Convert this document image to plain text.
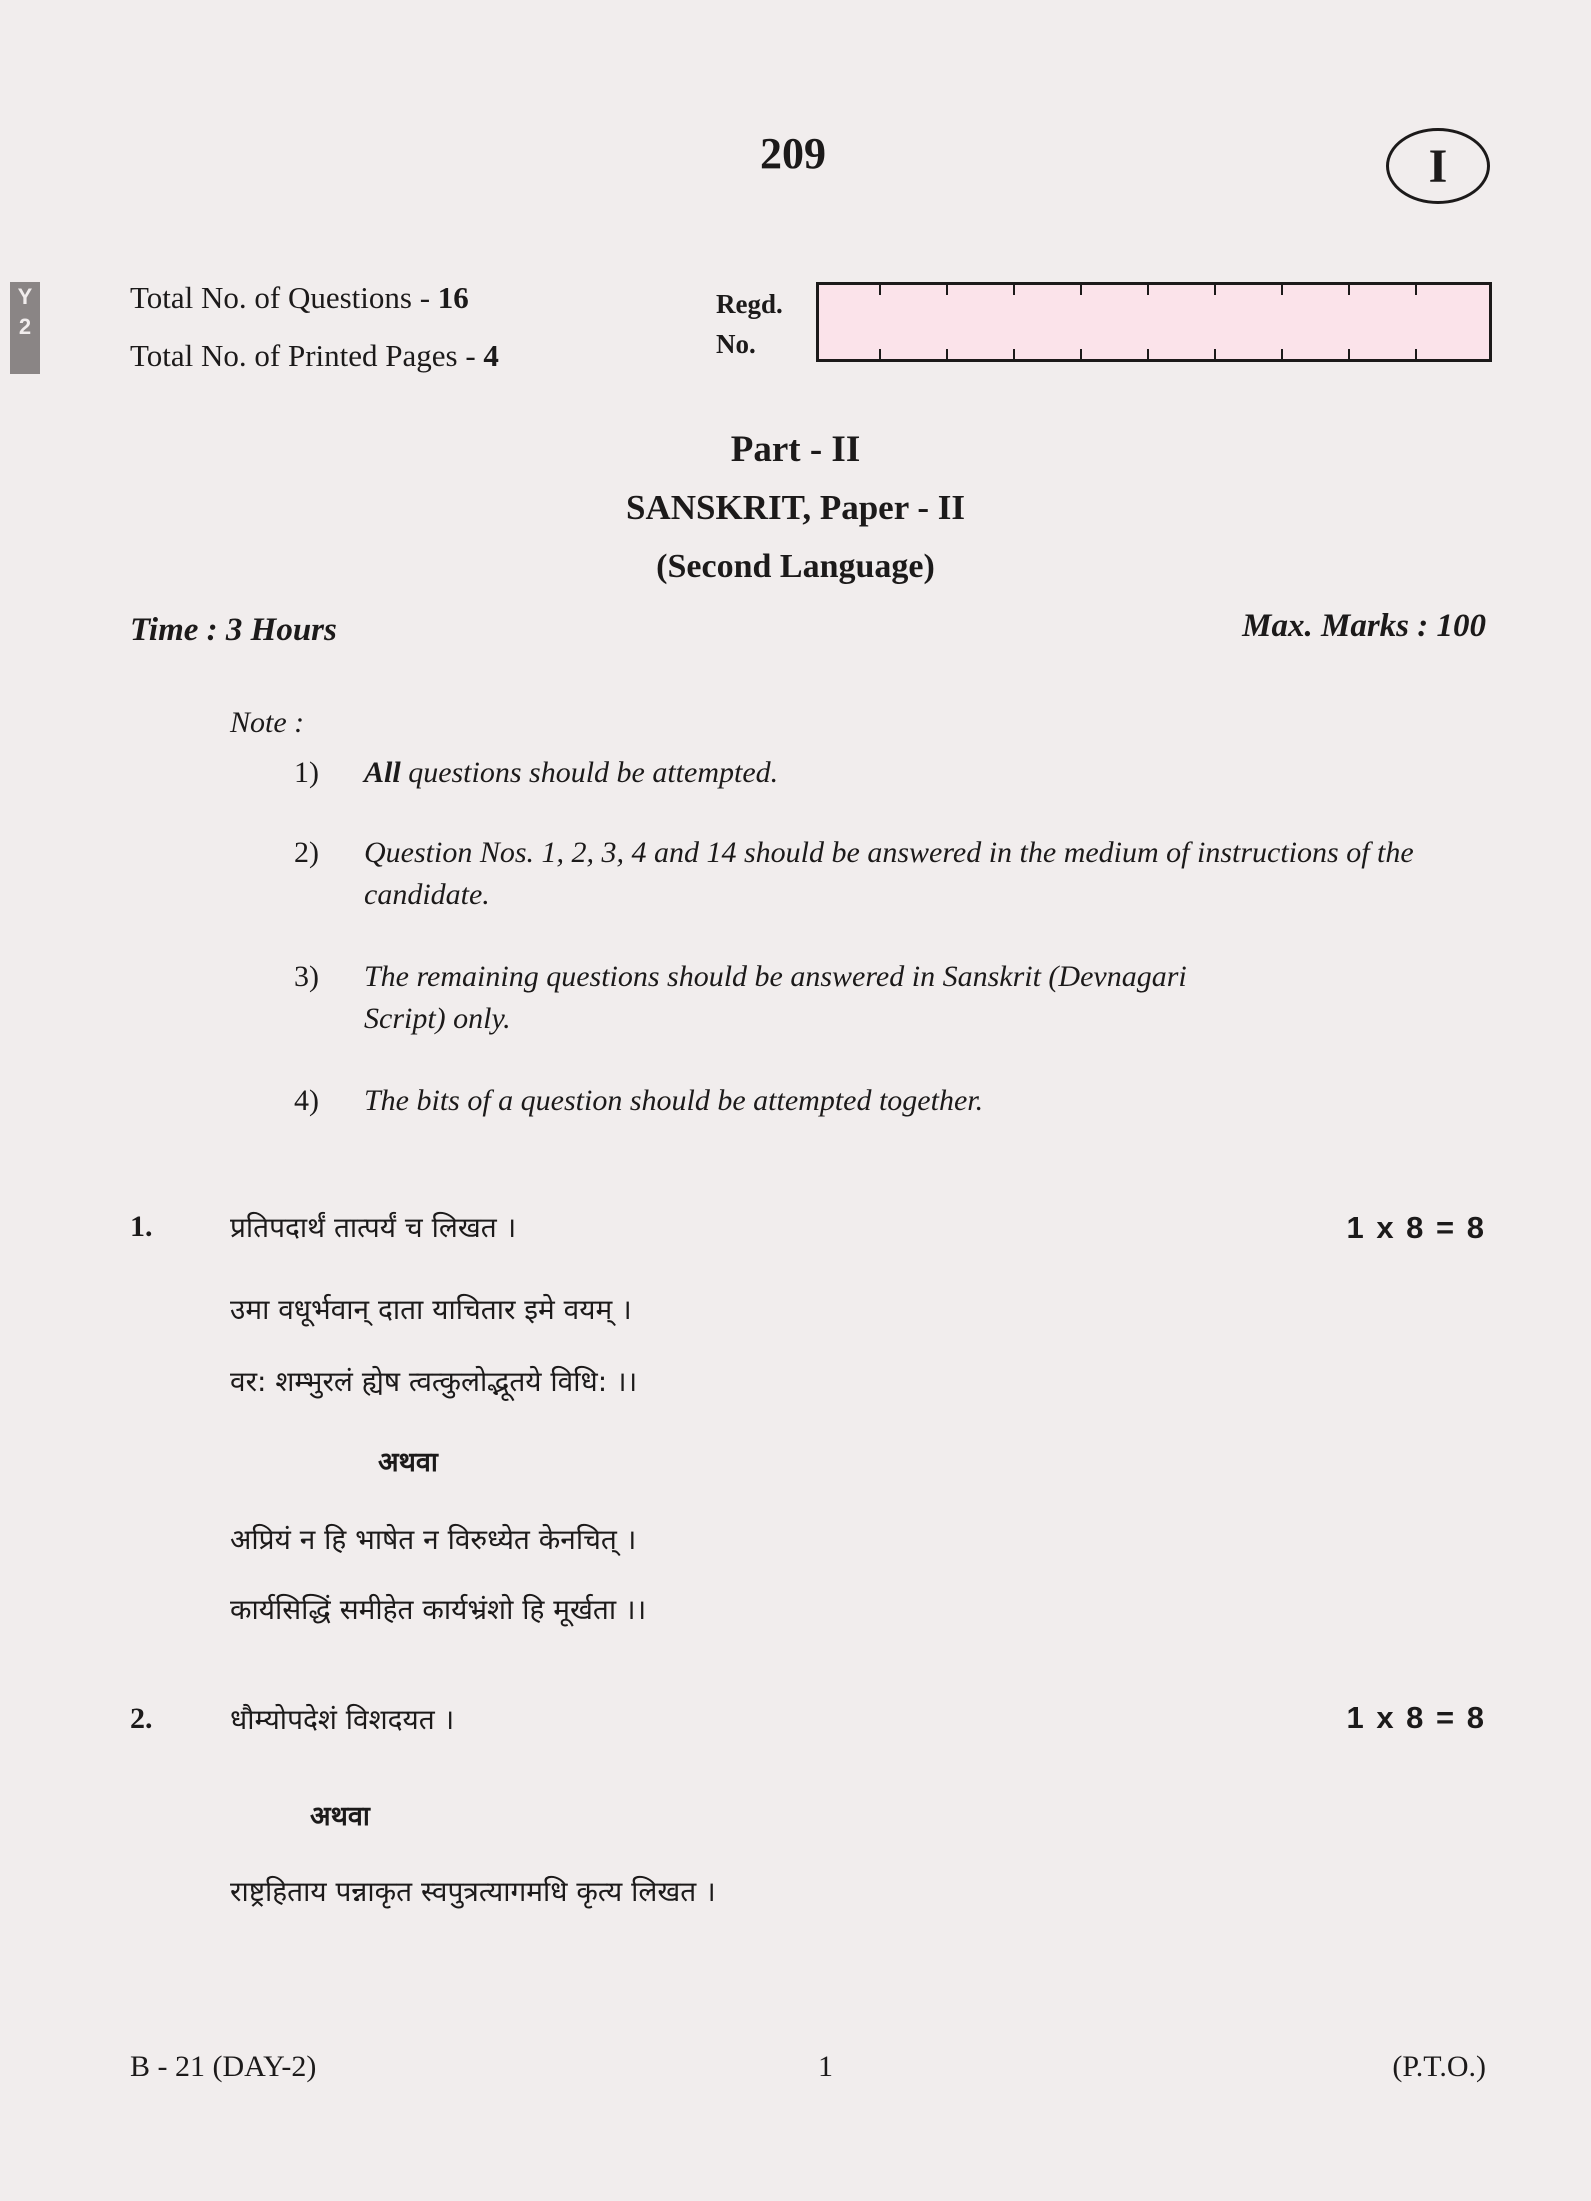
209	I
Y 2
Total No. of Questions - 16
Total No. of Printed Pages - 4
Regd.
No.
Part - II
SANSKRIT, Paper - II
(Second Language)
Time : 3 Hours	Max. Marks : 100
Note :
1) All questions should be attempted.
2) Question Nos. 1, 2, 3, 4 and 14 should be answered in the medium of instructions of the candidate.
3) The remaining questions should be answered in Sanskrit (Devnagari Script) only.
4) The bits of a question should be attempted together.
1.	प्रतिपदार्थं तात्पर्यं च लिखत ।	1 x 8 = 8
उमा वधूर्भवान् दाता याचितार इमे वयम् ।
वर: शम्भुरलं ह्येष त्वत्कुलोद्भूतये विधि: ।।
अथवा
अप्रियं न हि भाषेत न विरुध्येत केनचित् ।
कार्यसिद्धिं समीहेत कार्यभ्रंशो हि मूर्खता ।।
2.	धौम्योपदेशं विशदयत ।	1 x 8 = 8
अथवा
राष्ट्रहिताय पन्नाकृत स्वपुत्रत्यागमधि कृत्य लिखत ।
B - 21 (DAY-2)	1	(P.T.O.)
